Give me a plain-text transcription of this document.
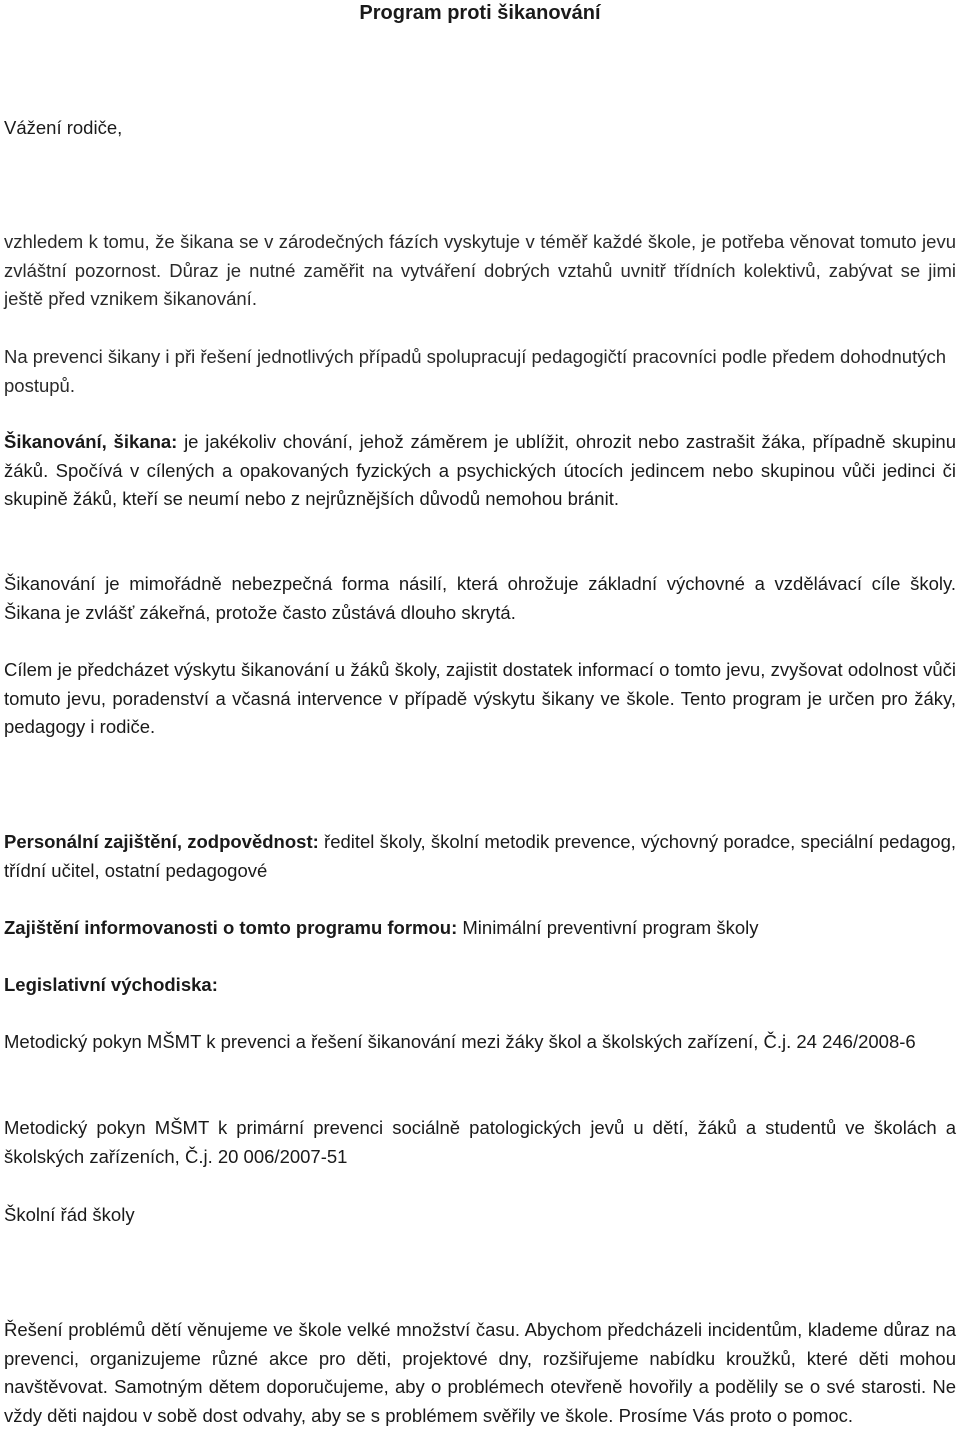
Program proti šikanování
Vážení rodiče,
vzhledem k tomu, že šikana se v zárodečných fázích vyskytuje v téměř každé škole, je potřeba věnovat tomuto jevu zvláštní pozornost. Důraz je nutné zaměřit na vytváření dobrých vztahů uvnitř třídních kolektivů, zabývat se jimi ještě před vznikem šikanování.
Na prevenci šikany i při řešení jednotlivých případů spolupracují pedagogičtí pracovníci podle předem dohodnutých postupů.
Šikanování, šikana: je jakékoliv chování, jehož záměrem je ublížit, ohrozit nebo zastrašit žáka, případně skupinu žáků. Spočívá v cílených a opakovaných fyzických a psychických útocích jedincem nebo skupinou vůči jedinci či skupině žáků, kteří se neumí nebo z nejrůznějších důvodů nemohou bránit.
Šikanování je mimořádně nebezpečná forma násilí, která ohrožuje základní výchovné a vzdělávací cíle školy. Šikana je zvlášť zákeřná, protože často zůstává dlouho skrytá.
Cílem je předcházet výskytu šikanování u žáků školy, zajistit dostatek informací o tomto jevu, zvyšovat odolnost vůči tomuto jevu, poradenství a včasná intervence v případě výskytu šikany ve škole. Tento program je určen pro žáky, pedagogy i rodiče.
Personální zajištění, zodpovědnost: ředitel školy, školní metodik prevence, výchovný poradce, speciální pedagog, třídní učitel, ostatní pedagogové
Zajištění informovanosti o tomto programu formou: Minimální preventivní program školy
Legislativní východiska:
Metodický pokyn MŠMT k prevenci a řešení šikanování mezi žáky škol a školských zařízení, Č.j. 24 246/2008-6
Metodický pokyn MŠMT k primární prevenci sociálně patologických jevů u dětí, žáků a studentů ve školách a školských zařízeních, Č.j. 20 006/2007-51
Školní řád školy
Řešení problémů dětí věnujeme ve škole velké množství času. Abychom předcházeli incidentům, klademe důraz na prevenci, organizujeme různé akce pro děti, projektové dny, rozšiřujeme nabídku kroužků, které děti mohou navštěvovat. Samotným dětem doporučujeme, aby o problémech otevřeně hovořily a podělily se o své starosti. Ne vždy děti najdou v sobě dost odvahy, aby se s problémem svěřily ve škole. Prosíme Vás proto o pomoc.
